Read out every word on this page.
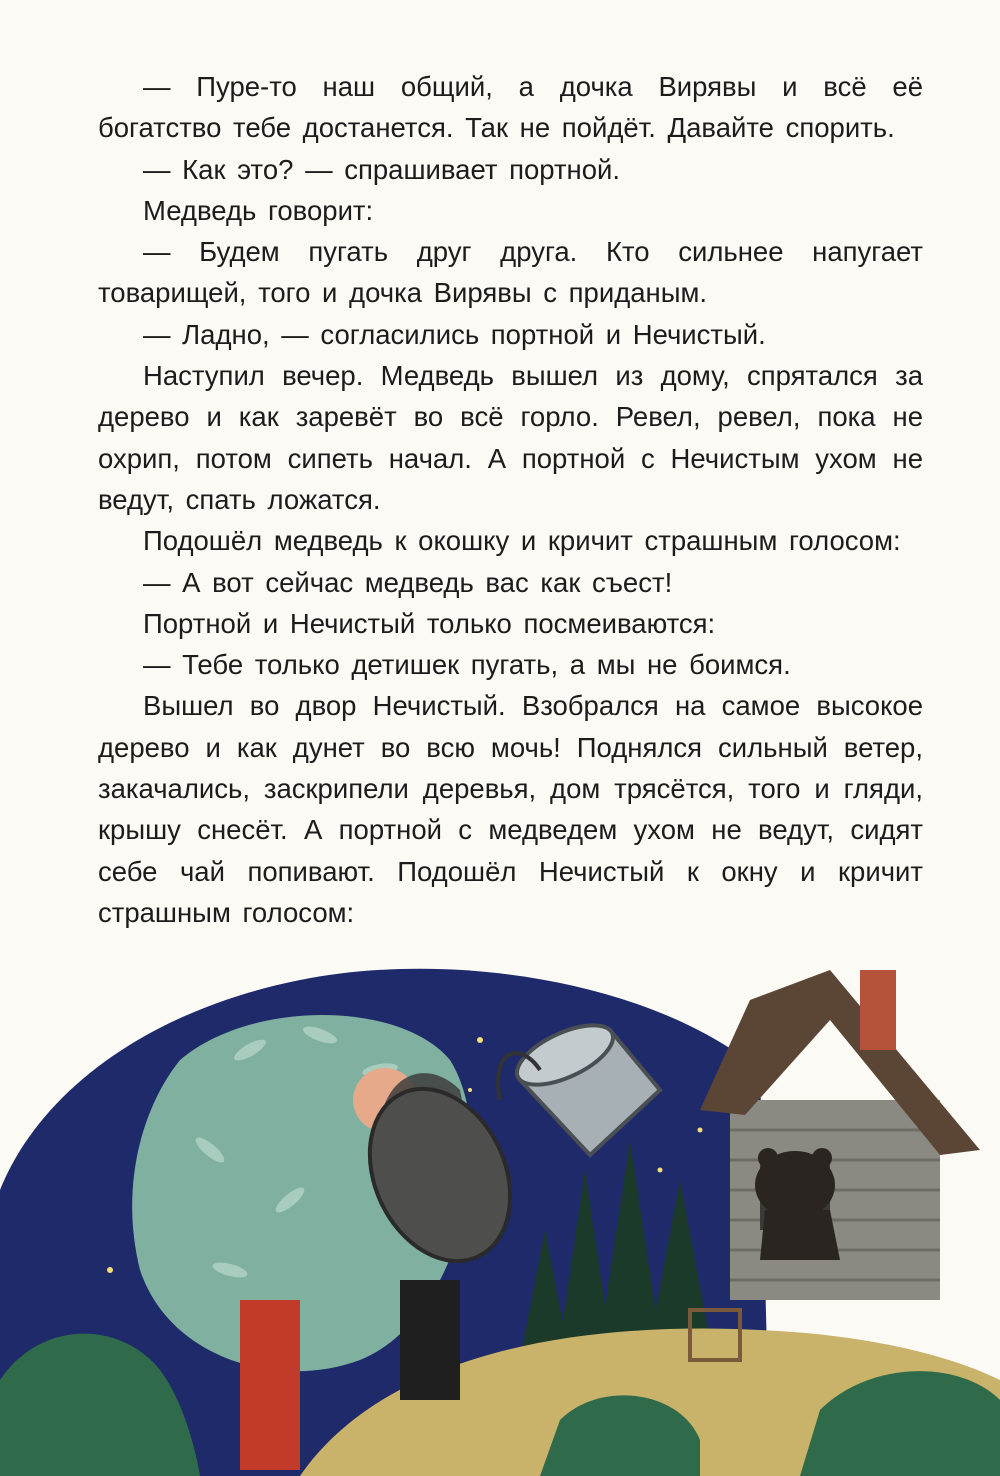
— Пуре-то наш общий, а дочка Вирявы и всё её богатство тебе достанется. Так не пойдёт. Давайте спорить.

— Как это? — спрашивает портной.

Медведь говорит:

— Будем пугать друг друга. Кто сильнее напугает товарищей, того и дочка Вирявы с приданым.

— Ладно, — согласились портной и Нечистый.

Наступил вечер. Медведь вышел из дому, спрятался за дерево и как заревёт во всё горло. Ревел, ревел, пока не охрип, потом сипеть начал. А портной с Нечистым ухом не ведут, спать ложатся.

Подошёл медведь к окошку и кричит страшным голосом:

— А вот сейчас медведь вас как съест!

Портной и Нечистый только посмеиваются:

— Тебе только детишек пугать, а мы не боимся.

Вышел во двор Нечистый. Взобрался на самое высокое дерево и как дунет во всю мочь! Поднялся сильный ветер, закачались, заскрипели деревья, дом трясётся, того и гляди, крышу снесёт. А портной с медведем ухом не ведут, сидят себе чай попивают. Подошёл Нечистый к окну и кричит страшным голосом:
